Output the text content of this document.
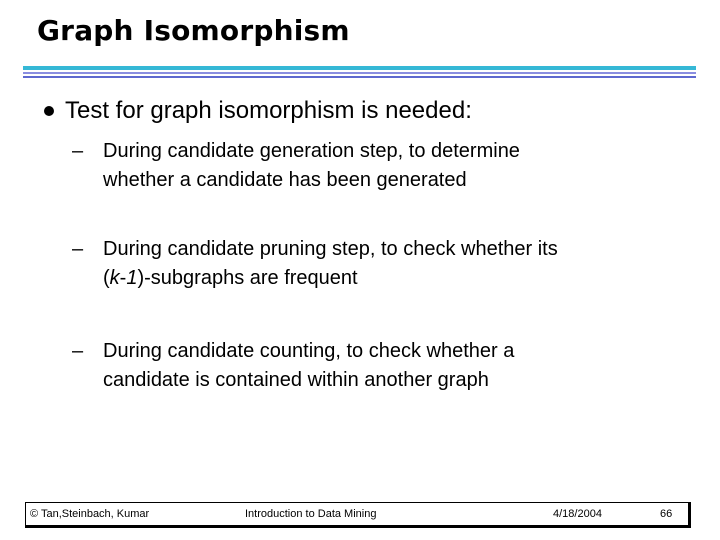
Graph Isomorphism
Test for graph isomorphism is needed:
– During candidate generation step, to determine
whether a candidate has been generated
– During candidate pruning step, to check whether its
(k-1)-subgraphs are frequent
– During candidate counting, to check whether a
candidate is contained within another graph
© Tan,Steinbach, Kumar	Introduction to Data Mining	4/18/2004	66
